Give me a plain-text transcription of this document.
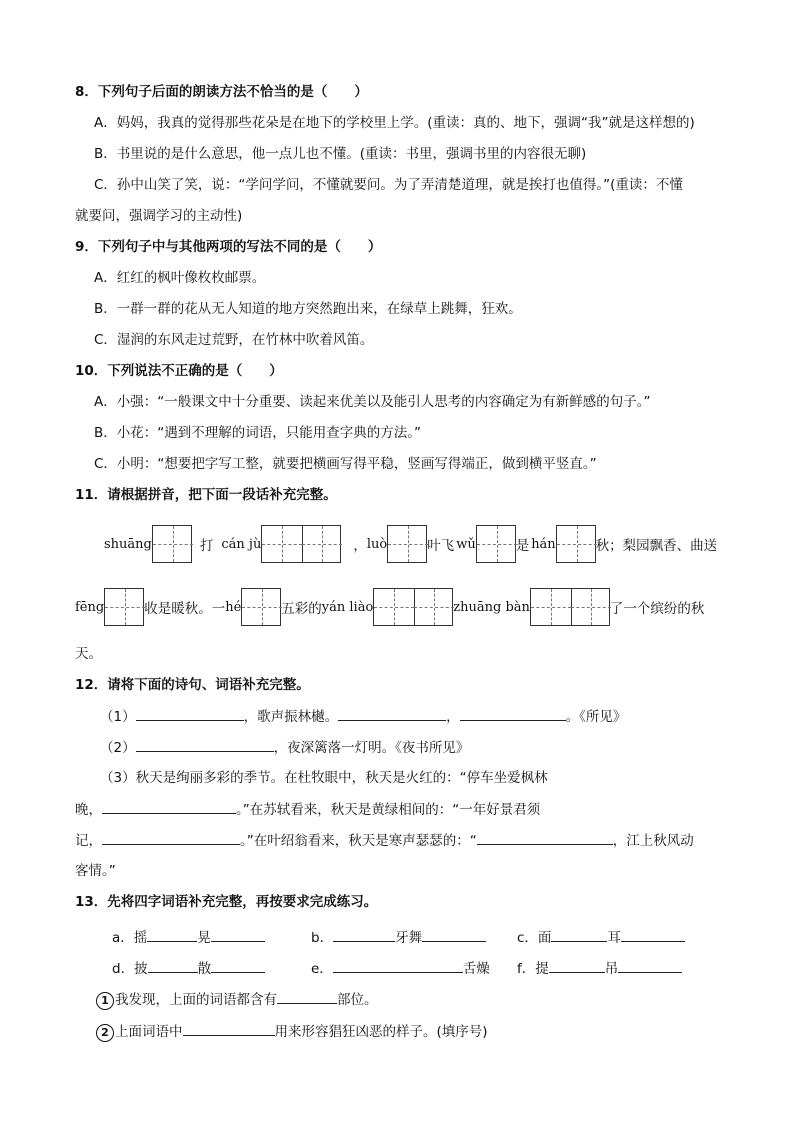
8．下列句子后面的朗读方法不恰当的是（　　）
A．妈妈，我真的觉得那些花朵是在地下的学校里上学。(重读：真的、地下，强调“我”就是这样想的)
B．书里说的是什么意思，他一点儿也不懂。(重读：书里，强调书里的内容很无聊)
C．孙中山笑了笑，说：“学问学问，不懂就要问。为了弄清楚道理，就是挨打也值得。”(重读：不懂
就要问，强调学习的主动性)
9．下列句子中与其他两项的写法不同的是（　　）
A．红红的枫叶像枚枚邮票。
B．一群一群的花从无人知道的地方突然跑出来，在绿草上跳舞，狂欢。
C．湿润的东风走过荒野，在竹林中吹着风笛。
10．下列说法不正确的是（　　）
A．小强：“一般课文中十分重要、读起来优美以及能引人思考的内容确定为有新鲜感的句子。”
B．小花：“遇到不理解的词语，只能用查字典的方法。”
C．小明：“想要把字写工整，就要把横画写得平稳，竖画写得端正，做到横平竖直。”
11．请根据拼音，把下面一段话补充完整。
shuāng	打 cán jù	， luò	叶飞 wǔ	是 hán	秋；梨园飘香、曲送
fēng	收是暖秋。一 hé	五彩的 yán liào	zhuāng bàn	了一个缤纷的秋
天。
12．请将下面的诗句、词语补充完整。
（1）	，歌声振林樾。	，	。《所见》
（2）	，夜深篱落一灯明。《夜书所见》
（3）秋天是绚丽多彩的季节。在杜牧眼中，秋天是火红的：“停车坐爱枫林
晚，	。”在苏轼看来，秋天是黄绿相间的：“一年好景君须
记，	。”在叶绍翁看来，秋天是寒声瑟瑟的：“	，江上秋风动
客情。”
13．先将四字词语补充完整，再按要求完成练习。
a．摇	晃	b．	牙舞	c．面	耳
d．披	散	e．	舌燥 f．提	吊
1 我发现，上面的词语都含有	部位。
2 上面词语中	用来形容猖狂凶恶的样子。(填序号)
